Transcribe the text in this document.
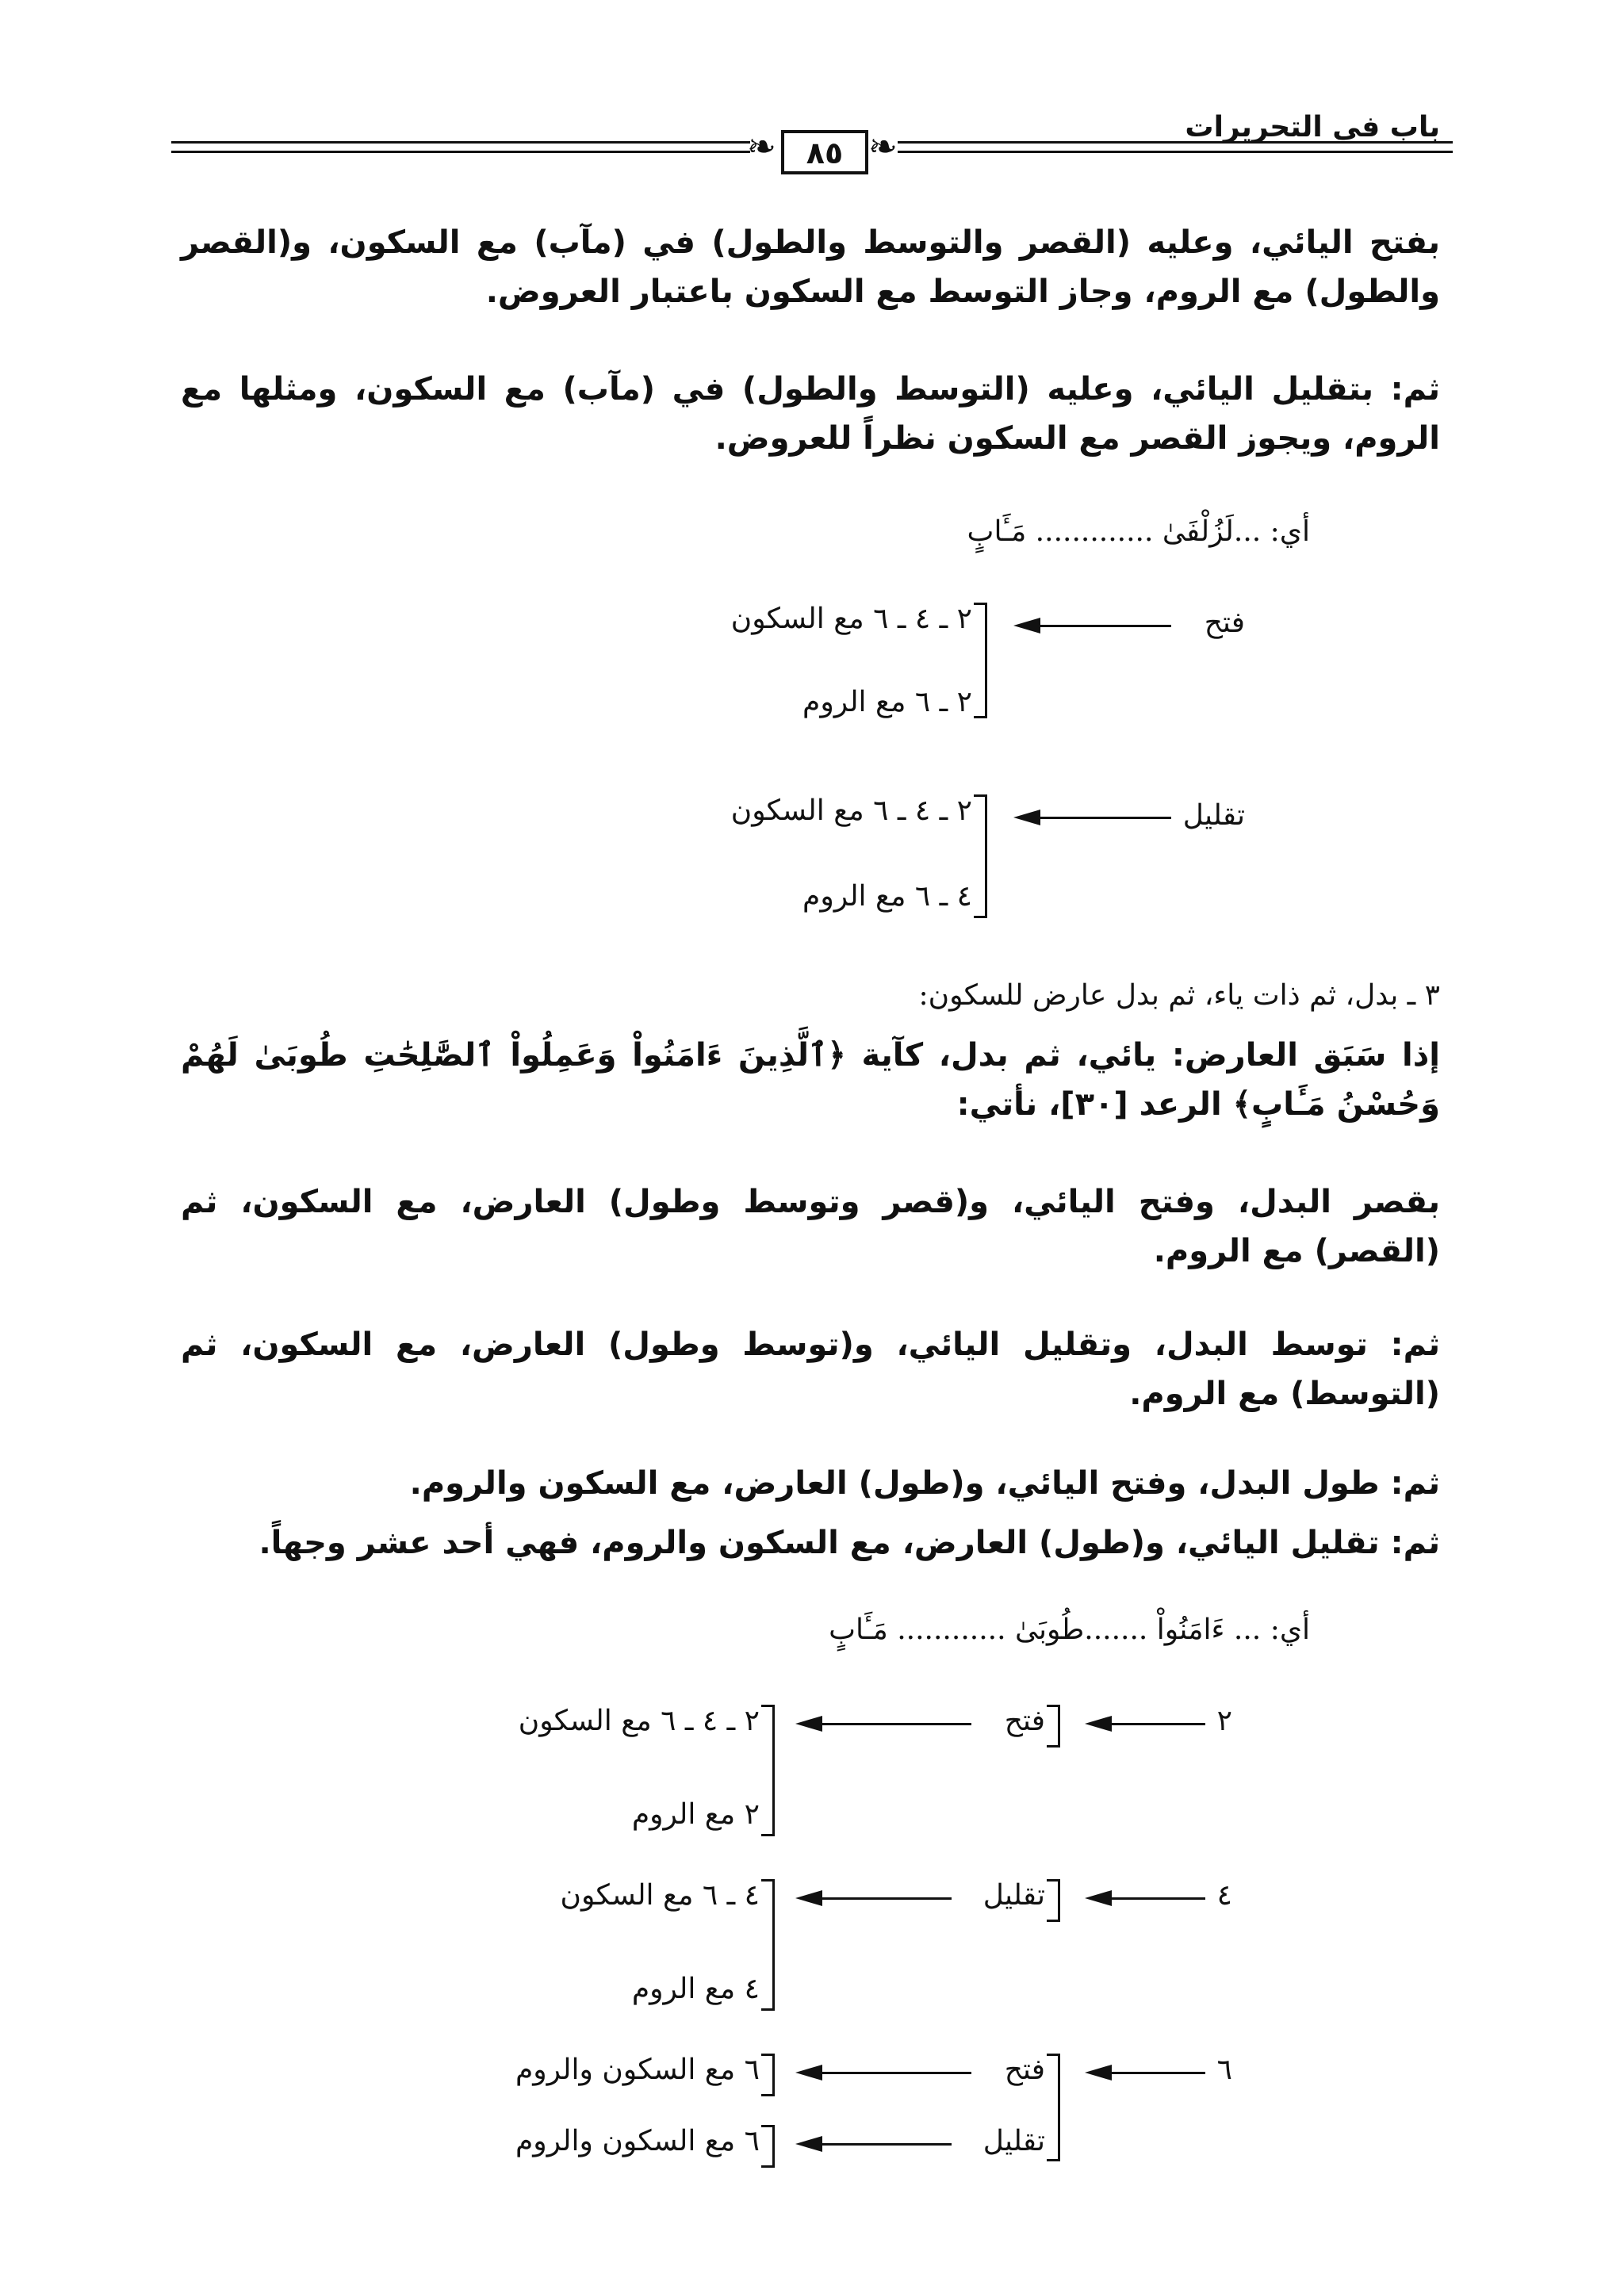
باب في التحريرات
❧	❧
٨٥
بفتح اليائي، وعليه (القصر والتوسط والطول) في (مآب) مع السكون، و(القصر والطول) مع الروم، وجاز التوسط مع السكون باعتبار العروض.
ثم: بتقليل اليائي، وعليه (التوسط والطول) في (مآب) مع السكون، ومثلها مع الروم، ويجوز القصر مع السكون نظراً للعروض.
أي: ...لَزُلْفَىٰ ............. مَـَٔابٍ
فتح
٢ ـ ٤ ـ ٦ مع السكون
٢ ـ ٦ مع الروم
تقليل
٢ ـ ٤ ـ ٦ مع السكون
٤ ـ ٦ مع الروم
٣ ـ بدل، ثم ذات ياء، ثم بدل عارض للسكون:
إذا سَبَق العارض: يائي، ثم بدل، كآية ﴿ٱلَّذِينَ ءَامَنُواْ وَعَمِلُواْ ٱلصَّٰلِحَٰتِ طُوبَىٰ لَهُمْ وَحُسْنُ مَـَٔابٍ﴾ الرعد [٣٠]، نأتي:
بقصر البدل، وفتح اليائي، و(قصر وتوسط وطول) العارض، مع السكون، ثم (القصر) مع الروم.
ثم: توسط البدل، وتقليل اليائي، و(توسط وطول) العارض، مع السكون، ثم (التوسط) مع الروم.
ثم: طول البدل، وفتح اليائي، و(طول) العارض، مع السكون والروم.
ثم: تقليل اليائي، و(طول) العارض، مع السكون والروم، فهي أحد عشر وجهاً.
أي: ... ءَامَنُواْ .......طُوبَىٰ ............ مَـَٔابٍ
٢
فتح
٢ ـ ٤ ـ ٦ مع السكون
٢ مع الروم
٤
تقليل
٤ ـ ٦ مع السكون
٤ مع الروم
٦
فتح
٦ مع السكون والروم
تقليل
٦ مع السكون والروم
